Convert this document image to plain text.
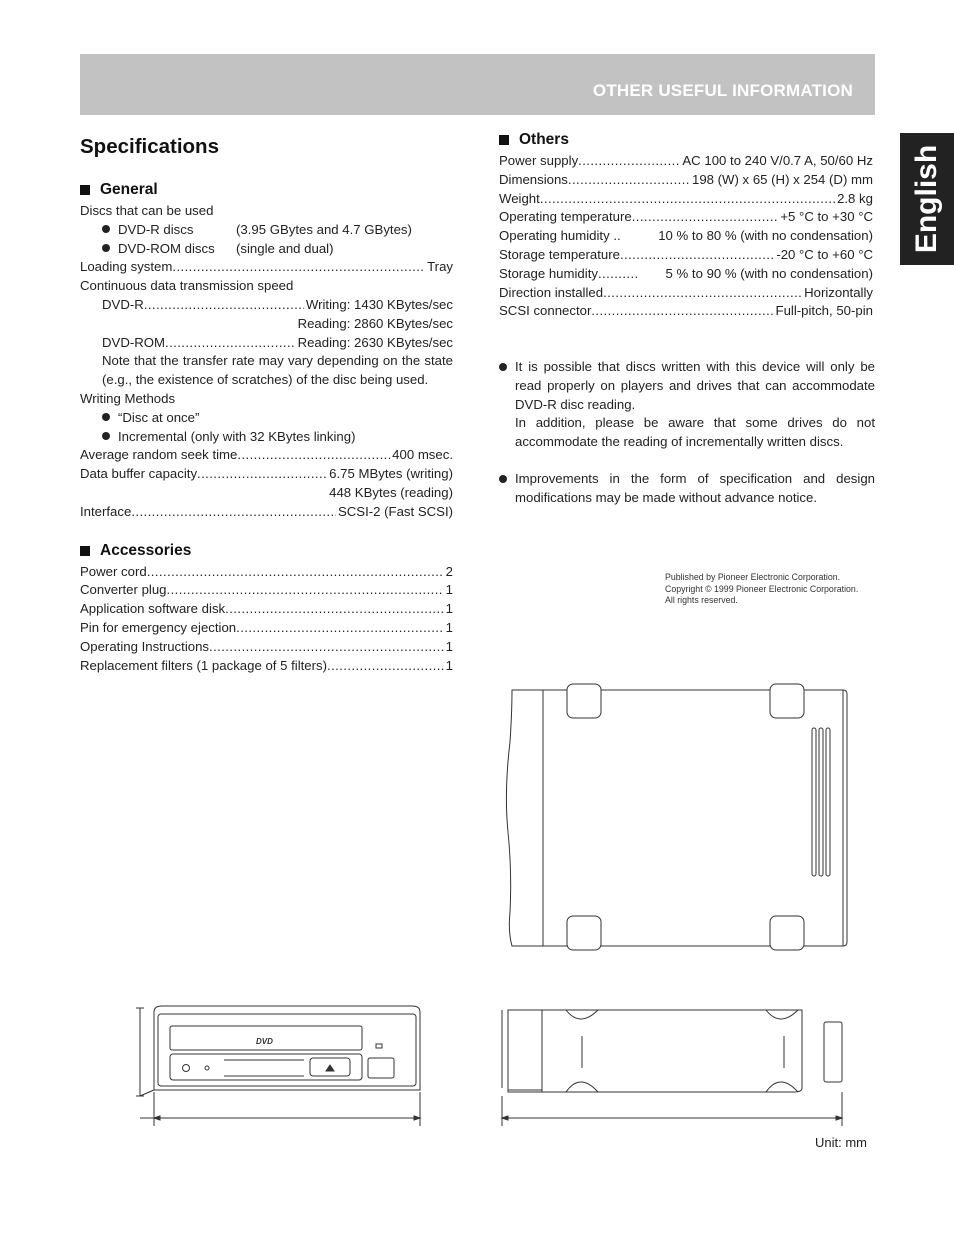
OTHER USEFUL INFORMATION
English
Specifications
General
Discs that can be used
DVD-R discs	(3.95 GBytes and 4.7 GBytes)
DVD-ROM discs	(single and dual)
Loading system .....	Tray
Continuous data transmission speed
DVD-R .....	Writing: 1430 KBytes/sec
Reading: 2860 KBytes/sec
DVD-ROM .....	Reading: 2630 KBytes/sec
Note that the transfer rate may vary depending on the state (e.g., the existence of scratches) of the disc being used.
Writing Methods
“Disc at once”
Incremental (only with 32 KBytes linking)
Average random seek time .....	400 msec.
Data buffer capacity .....	6.75 MBytes (writing)
448 KBytes (reading)
Interface .....	SCSI-2 (Fast SCSI)
Accessories
Power cord .....	2
Converter plug .....	1
Application software disk .....	1
Pin for emergency ejection .....	1
Operating Instructions .....	1
Replacement filters (1 package of 5 filters) .....	1
Others
Power supply .....	AC 100 to 240 V/0.7 A, 50/60 Hz
Dimensions .....	198 (W) x 65 (H) x 254 (D) mm
Weight .....	2.8 kg
Operating temperature .....	+5 °C to +30 °C
Operating humidity ..	10 % to 80 % (with no condensation)
Storage temperature .....	-20 °C to +60 °C
Storage humidity .....	5 % to 90 % (with no condensation)
Direction installed .....	Horizontally
SCSI connector .....	Full-pitch, 50-pin
It is possible that discs written with this device will only be read properly on players and drives that can accommodate DVD-R disc reading.
In addition, please be aware that some drives do not accommodate the reading of incrementally written discs.
Improvements in the form of specification and design modifications may be made without advance notice.
Published by Pioneer Electronic Corporation.
Copyright © 1999 Pioneer Electronic Corporation.
All rights reserved.
DVD
Unit: mm
